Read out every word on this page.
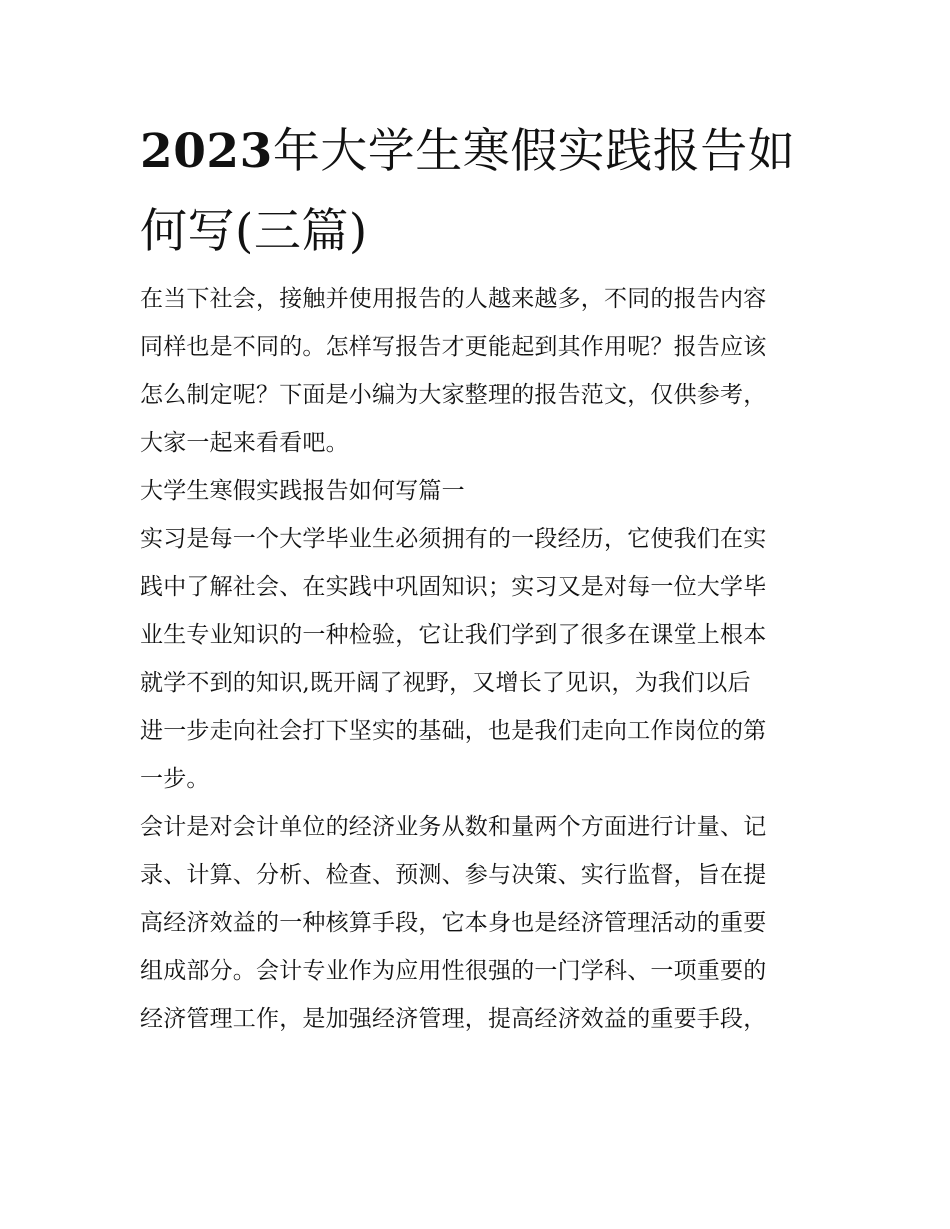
2023年大学生寒假实践报告如
何写(三篇)
在当下社会，接触并使用报告的人越来越多，不同的报告内容
同样也是不同的。怎样写报告才更能起到其作用呢？报告应该
怎么制定呢？下面是小编为大家整理的报告范文，仅供参考，
大家一起来看看吧。
大学生寒假实践报告如何写篇一
实习是每一个大学毕业生必须拥有的一段经历，它使我们在实
践中了解社会、在实践中巩固知识；实习又是对每一位大学毕
业生专业知识的一种检验，它让我们学到了很多在课堂上根本
就学不到的知识,既开阔了视野，又增长了见识，为我们以后
进一步走向社会打下坚实的基础，也是我们走向工作岗位的第
一步。
会计是对会计单位的经济业务从数和量两个方面进行计量、记
录、计算、分析、检查、预测、参与决策、实行监督，旨在提
高经济效益的一种核算手段，它本身也是经济管理活动的重要
组成部分。会计专业作为应用性很强的一门学科、一项重要的
经济管理工作，是加强经济管理，提高经济效益的重要手段，
